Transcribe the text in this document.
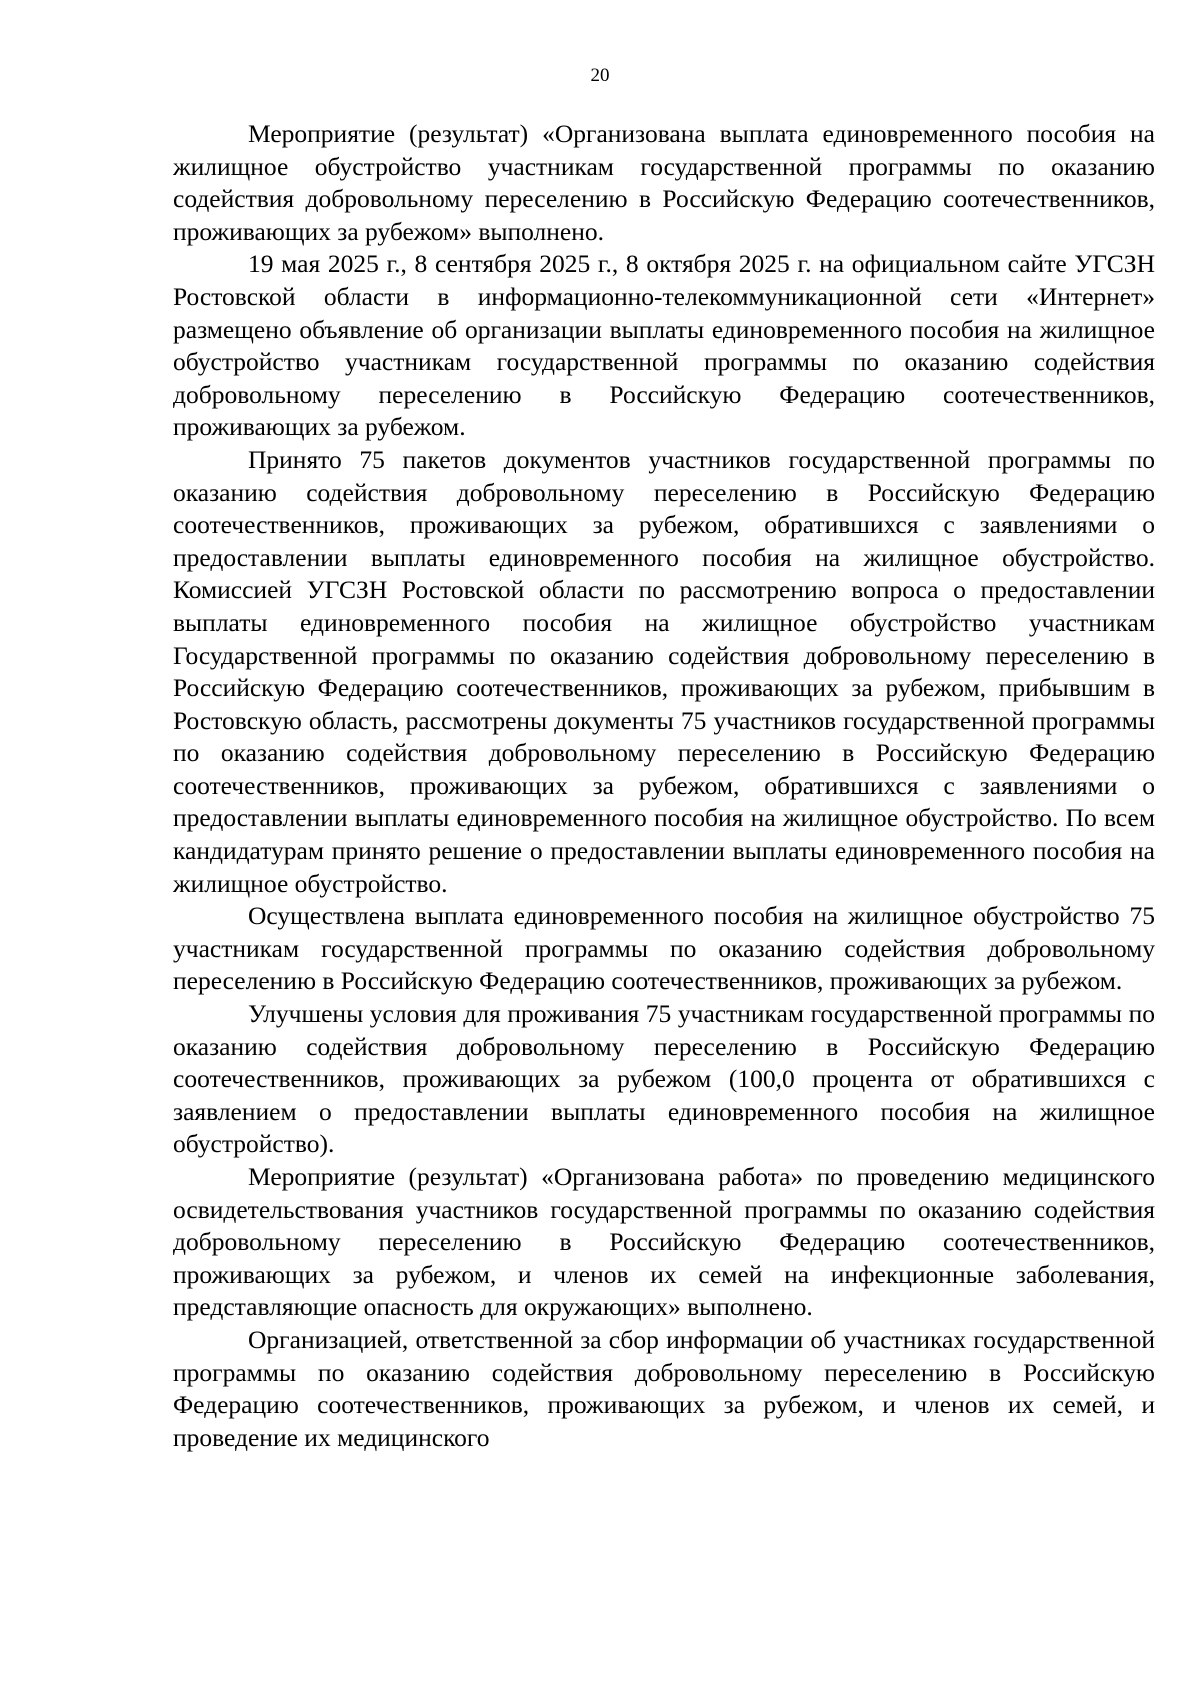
20

Мероприятие (результат) «Организована выплата единовременного пособия на жилищное обустройство участникам государственной программы по оказанию содействия добровольному переселению в Российскую Федерацию соотечественников, проживающих за рубежом» выполнено.

19 мая 2025 г., 8 сентября 2025 г., 8 октября 2025 г. на официальном сайте УГСЗН Ростовской области в информационно-телекоммуникационной сети «Интернет» размещено объявление об организации выплаты единовременного пособия на жилищное обустройство участникам государственной программы по оказанию содействия добровольному переселению в Российскую Федерацию соотечественников, проживающих за рубежом.

Принято 75 пакетов документов участников государственной программы по оказанию содействия добровольному переселению в Российскую Федерацию соотечественников, проживающих за рубежом, обратившихся с заявлениями о предоставлении выплаты единовременного пособия на жилищное обустройство. Комиссией УГСЗН Ростовской области по рассмотрению вопроса о предоставлении выплаты единовременного пособия на жилищное обустройство участникам Государственной программы по оказанию содействия добровольному переселению в Российскую Федерацию соотечественников, проживающих за рубежом, прибывшим в Ростовскую область, рассмотрены документы 75 участников государственной программы по оказанию содействия добровольному переселению в Российскую Федерацию соотечественников, проживающих за рубежом, обратившихся с заявлениями о предоставлении выплаты единовременного пособия на жилищное обустройство. По всем кандидатурам принято решение о предоставлении выплаты единовременного пособия на жилищное обустройство.

Осуществлена выплата единовременного пособия на жилищное обустройство 75 участникам государственной программы по оказанию содействия добровольному переселению в Российскую Федерацию соотечественников, проживающих за рубежом.

Улучшены условия для проживания 75 участникам государственной программы по оказанию содействия добровольному переселению в Российскую Федерацию соотечественников, проживающих за рубежом (100,0 процента от обратившихся с заявлением о предоставлении выплаты единовременного пособия на жилищное обустройство).

Мероприятие (результат) «Организована работа» по проведению медицинского освидетельствования участников государственной программы по оказанию содействия добровольному переселению в Российскую Федерацию соотечественников, проживающих за рубежом, и членов их семей на инфекционные заболевания, представляющие опасность для окружающих» выполнено.

Организацией, ответственной за сбор информации об участниках государственной программы по оказанию содействия добровольному переселению в Российскую Федерацию соотечественников, проживающих за рубежом, и членов их семей, и проведение их медицинского
